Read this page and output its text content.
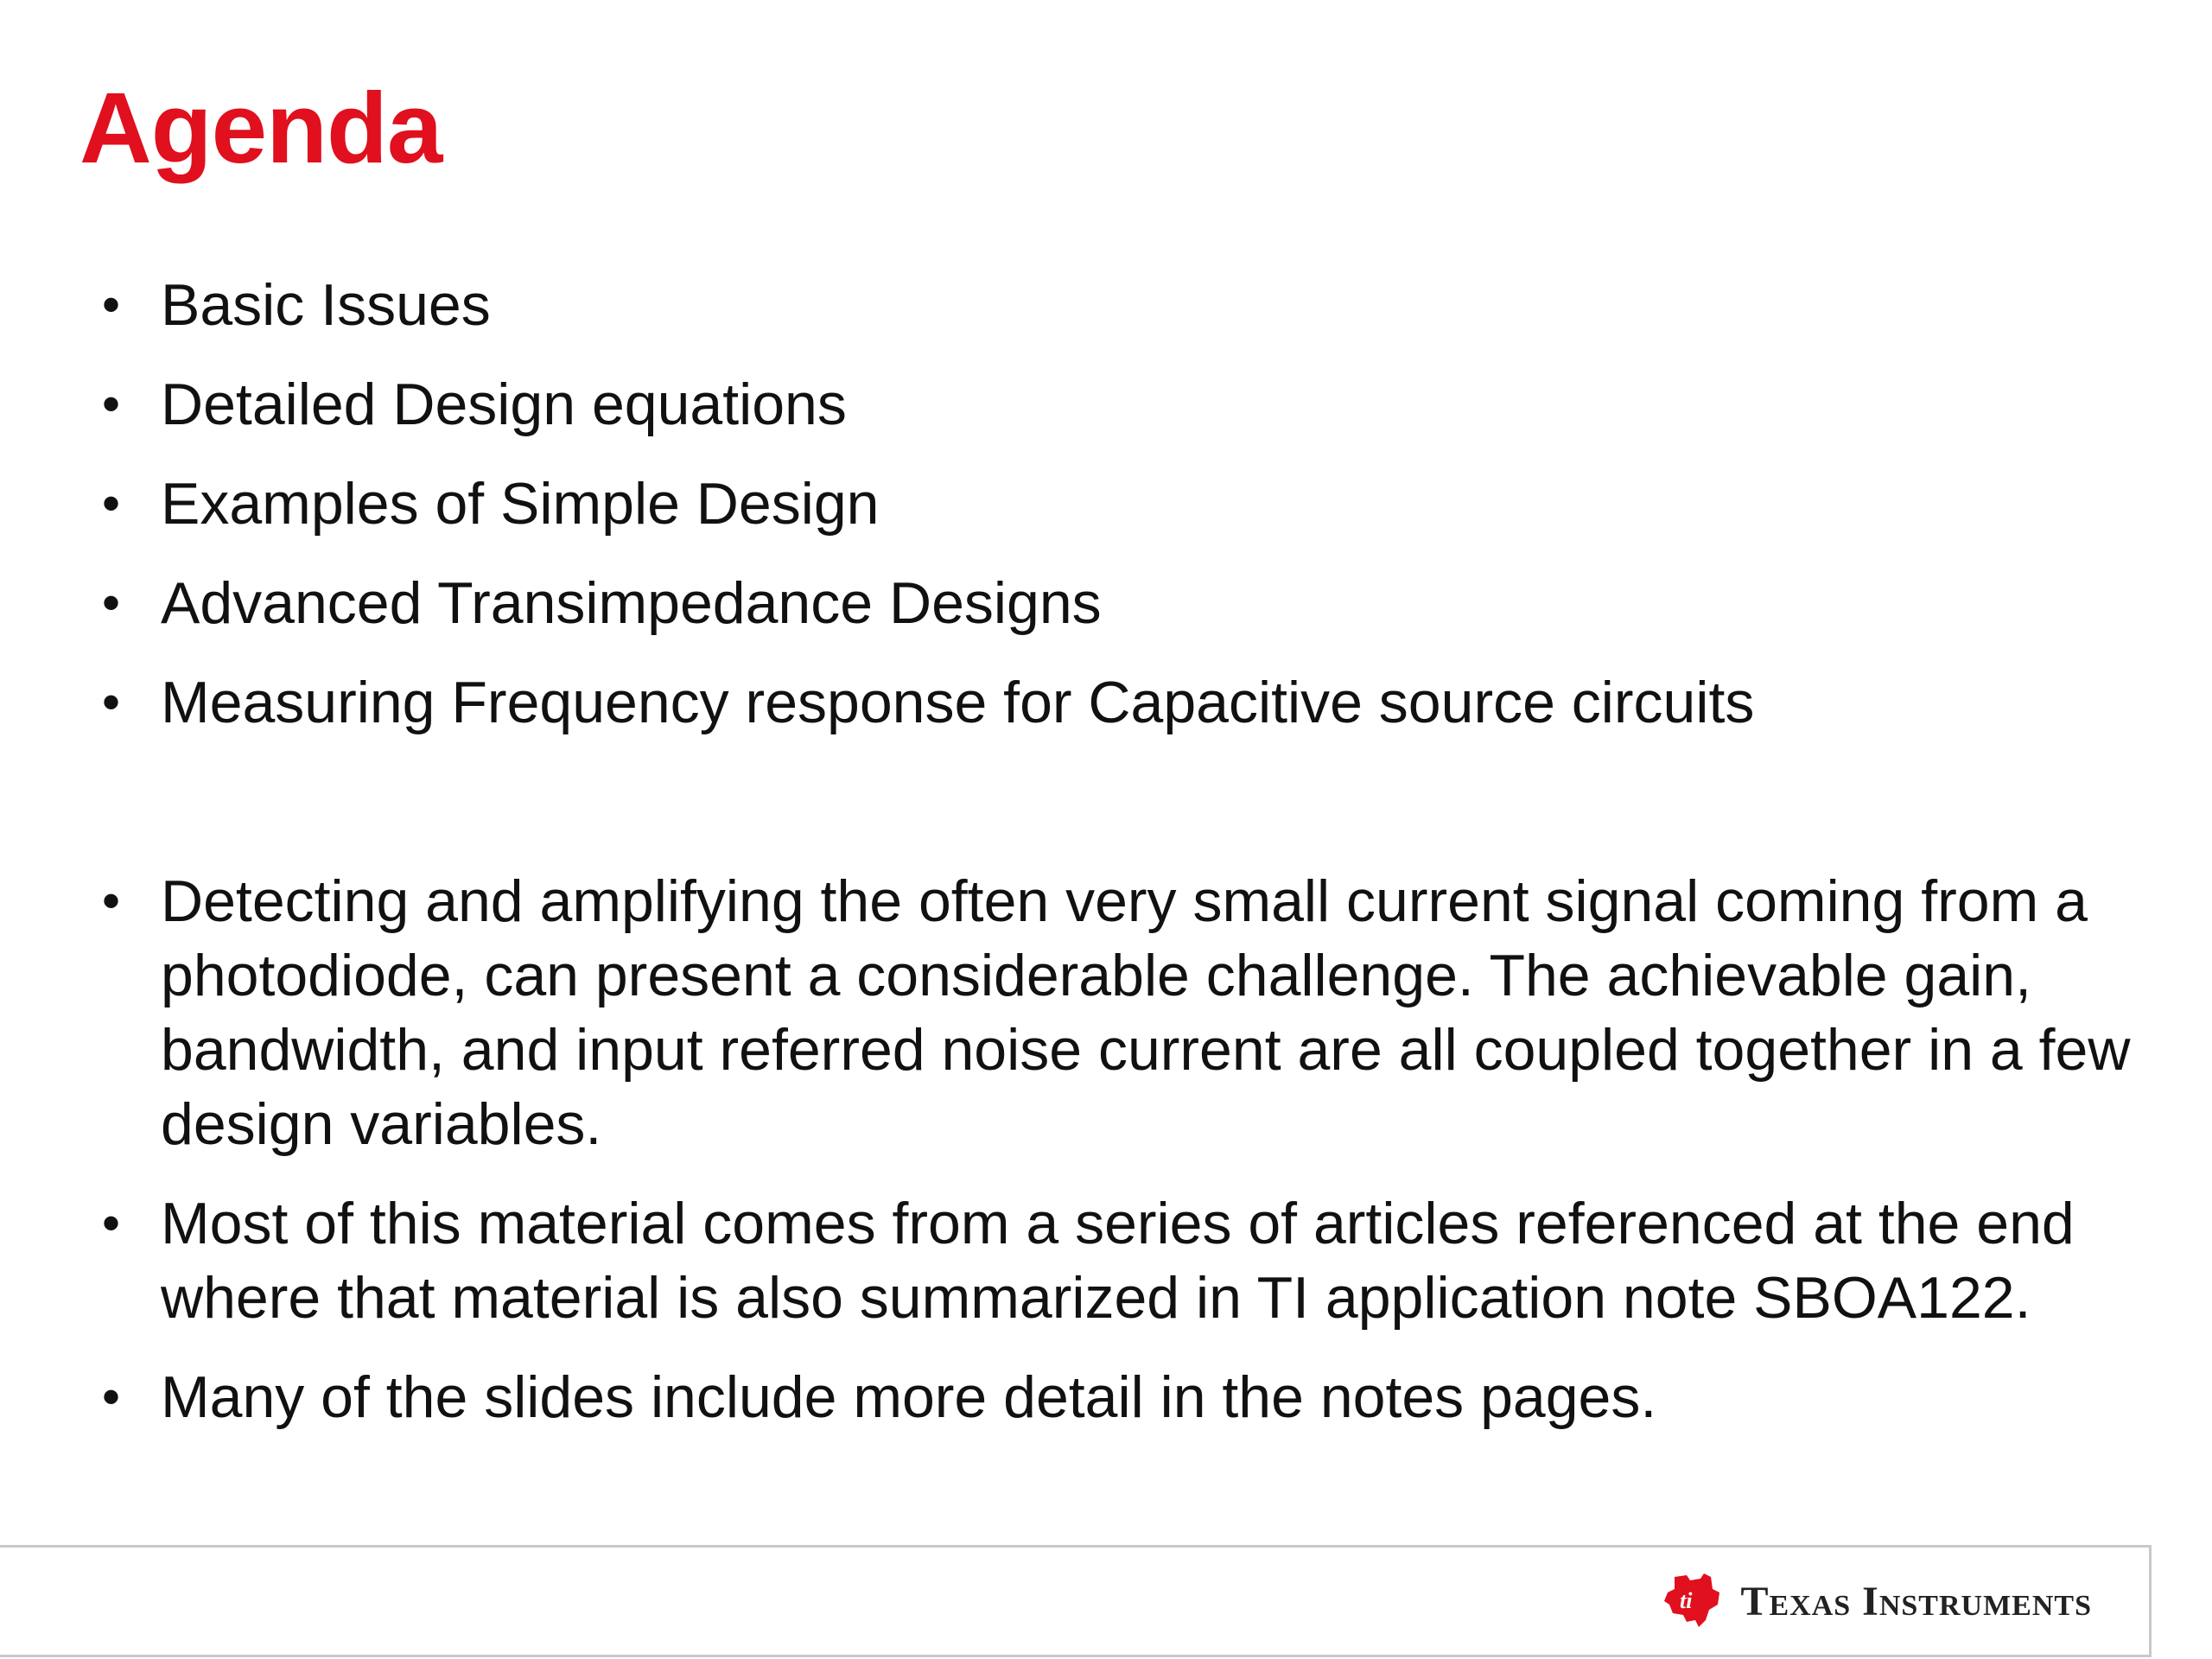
Agenda
• Basic Issues
• Detailed Design equations
• Examples of Simple Design
• Advanced Transimpedance Designs
• Measuring Frequency response for Capacitive source circuits
• Detecting and amplifying the often very small current signal coming from a photodiode, can present a considerable challenge. The achievable gain, bandwidth, and input referred noise current are all coupled together in a few design variables.
• Most of this material comes from a series of articles referenced at the end where that material is also summarized in TI application note SBOA122.
• Many of the slides include more detail in the notes pages.
ti Texas Instruments
